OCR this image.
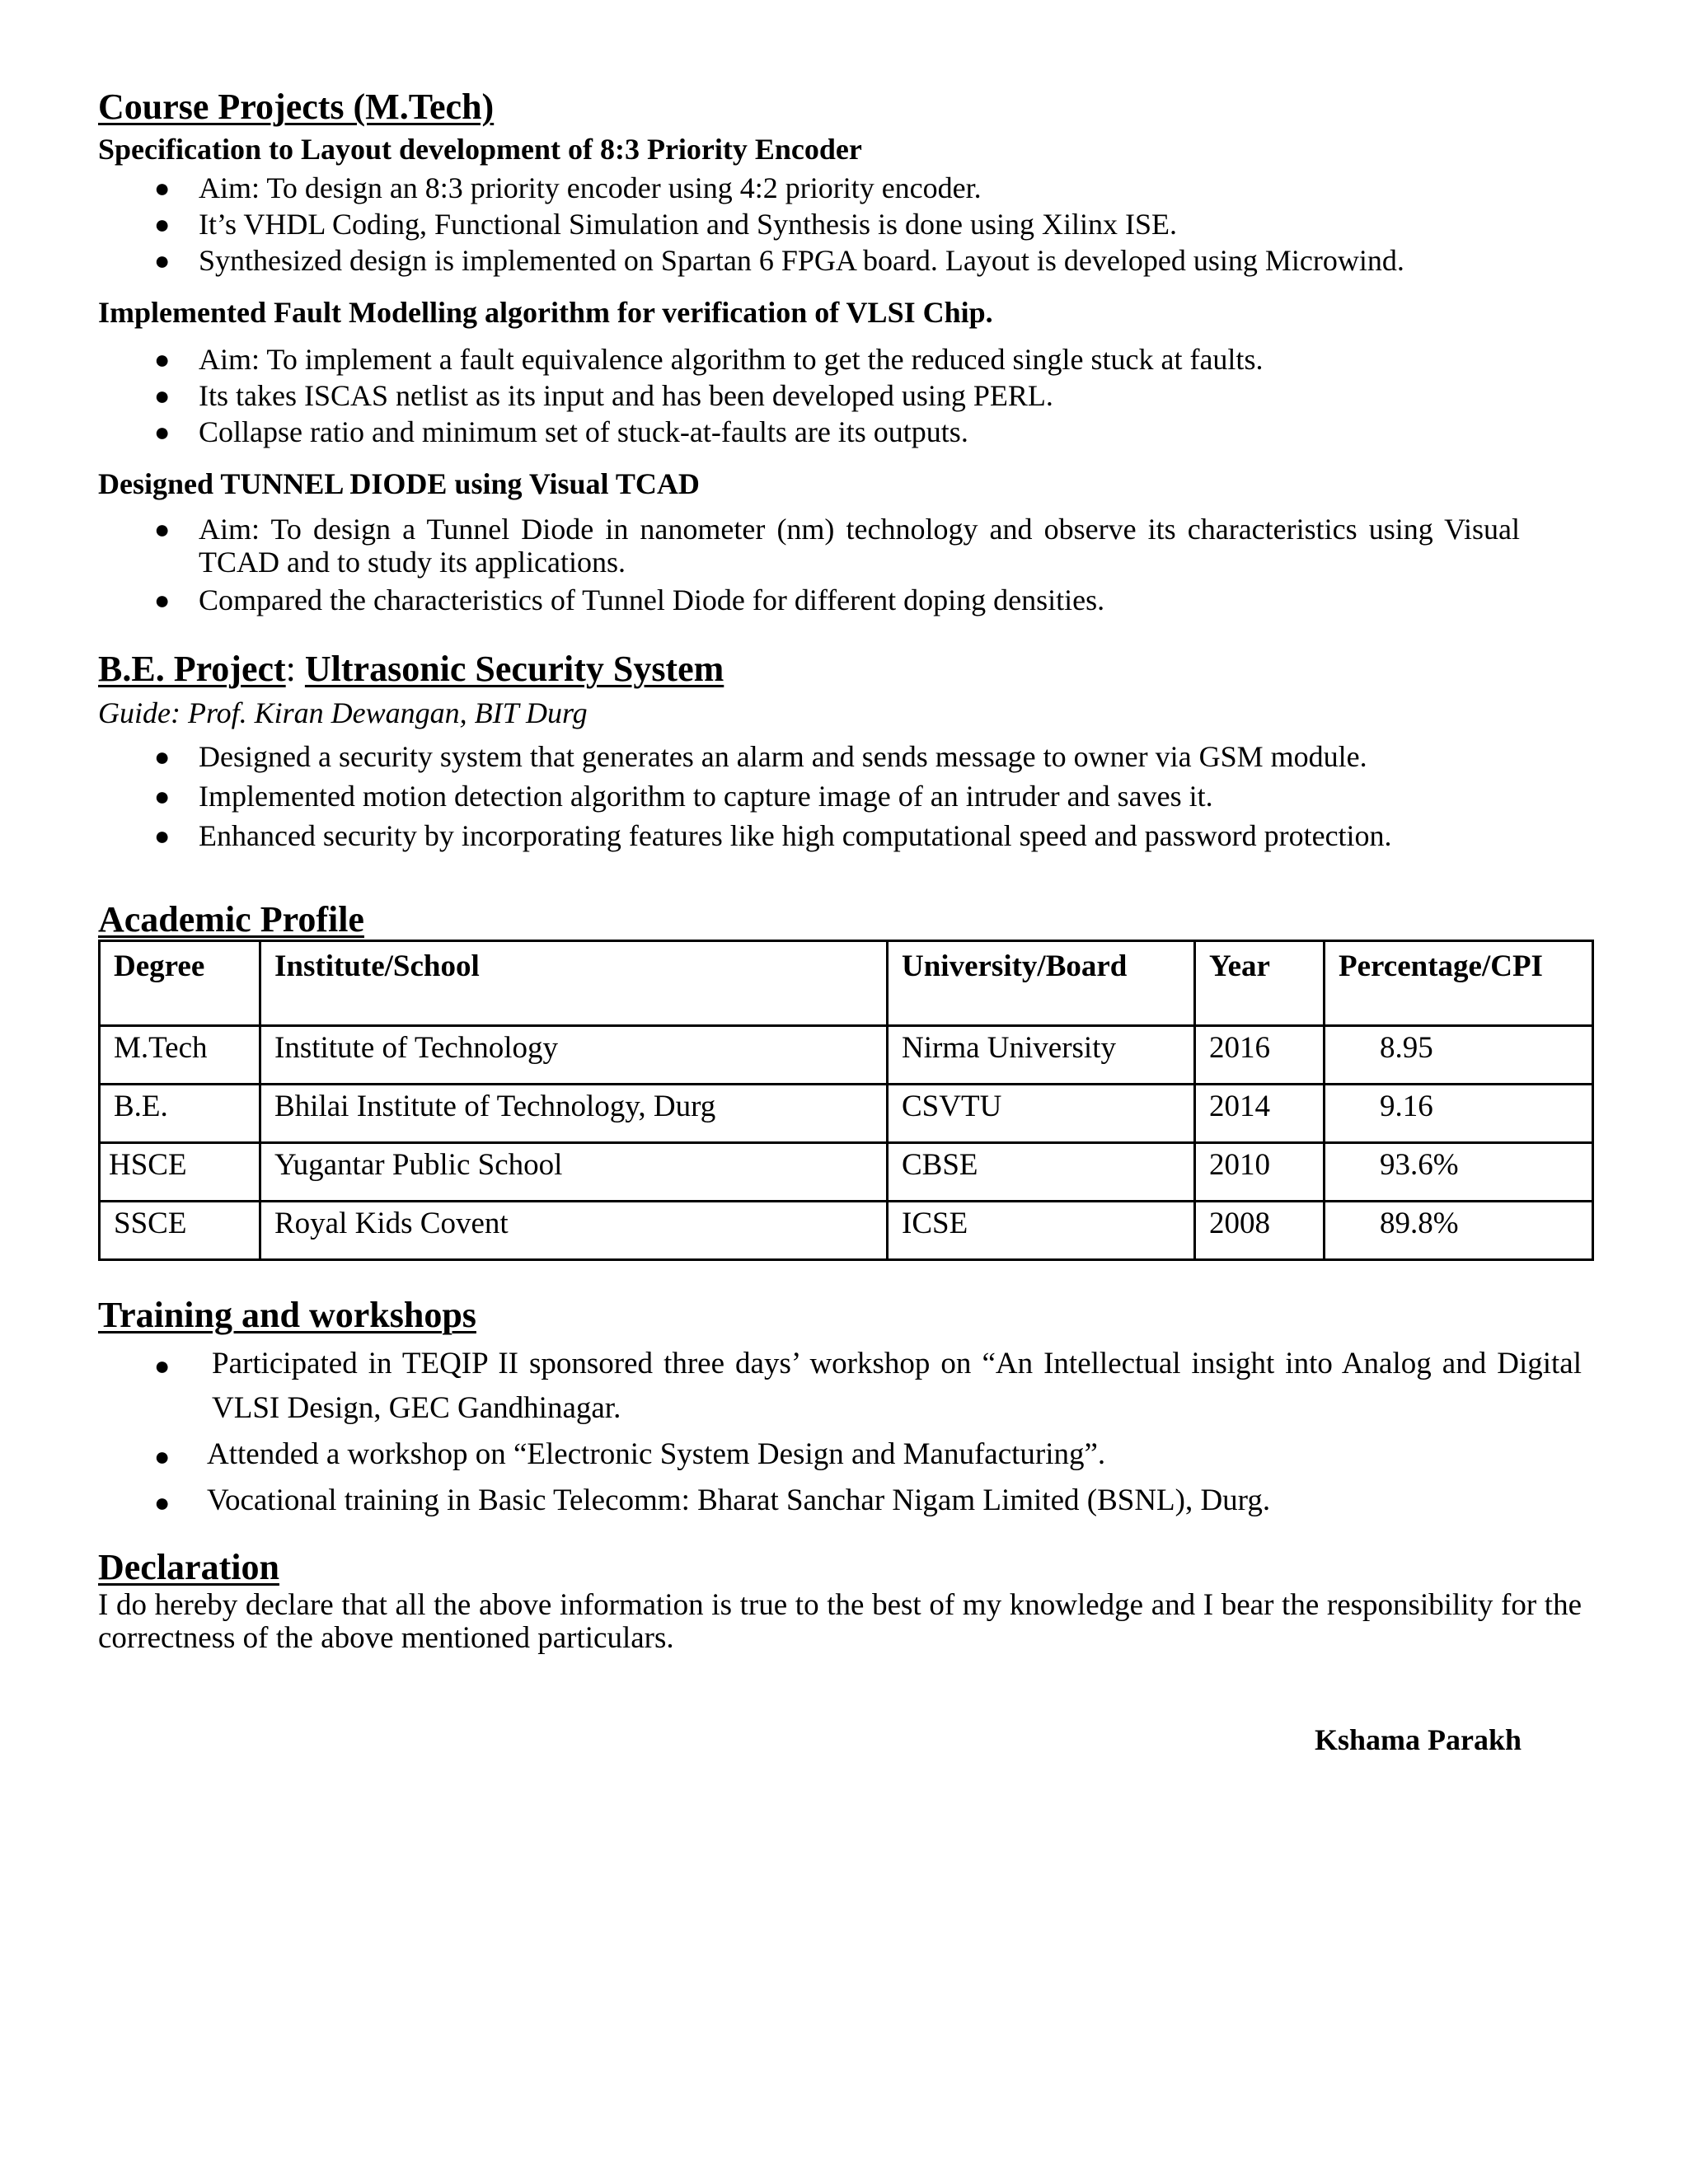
Course Projects (M.Tech)
Specification to Layout development of 8:3 Priority Encoder
● Aim: To design an 8:3 priority encoder using 4:2 priority encoder.
● It’s VHDL Coding, Functional Simulation and Synthesis is done using Xilinx ISE.
● Synthesized design is implemented on Spartan 6 FPGA board. Layout is developed using Microwind.
Implemented Fault Modelling algorithm for verification of VLSI Chip.
● Aim: To implement a fault equivalence algorithm to get the reduced single stuck at faults.
● Its takes ISCAS netlist as its input and has been developed using PERL.
● Collapse ratio and minimum set of stuck-at-faults are its outputs.
Designed TUNNEL DIODE using Visual TCAD
● Aim: To design a Tunnel Diode in nanometer (nm) technology and observe its characteristics using Visual TCAD and to study its applications.
● Compared the characteristics of Tunnel Diode for different doping densities.
B.E. Project: Ultrasonic Security System
Guide: Prof. Kiran Dewangan, BIT Durg
● Designed a security system that generates an alarm and sends message to owner via GSM module.
● Implemented motion detection algorithm to capture image of an intruder and saves it.
● Enhanced security by incorporating features like high computational speed and password protection.
Academic Profile
Degree	Institute/School	University/Board	Year	Percentage/CPI
M.Tech	Institute of Technology	Nirma University	2016	8.95
B.E.	Bhilai Institute of Technology, Durg	CSVTU	2014	9.16
HSCE	Yugantar Public School	CBSE	2010	93.6%
SSCE	Royal Kids Covent	ICSE	2008	89.8%
Training and workshops
● Participated in TEQIP II sponsored three days’ workshop on “An Intellectual insight into Analog and Digital VLSI Design, GEC Gandhinagar.
● Attended a workshop on “Electronic System Design and Manufacturing”.
● Vocational training in Basic Telecomm: Bharat Sanchar Nigam Limited (BSNL), Durg.
Declaration
I do hereby declare that all the above information is true to the best of my knowledge and I bear the responsibility for the correctness of the above mentioned particulars.
Kshama Parakh
